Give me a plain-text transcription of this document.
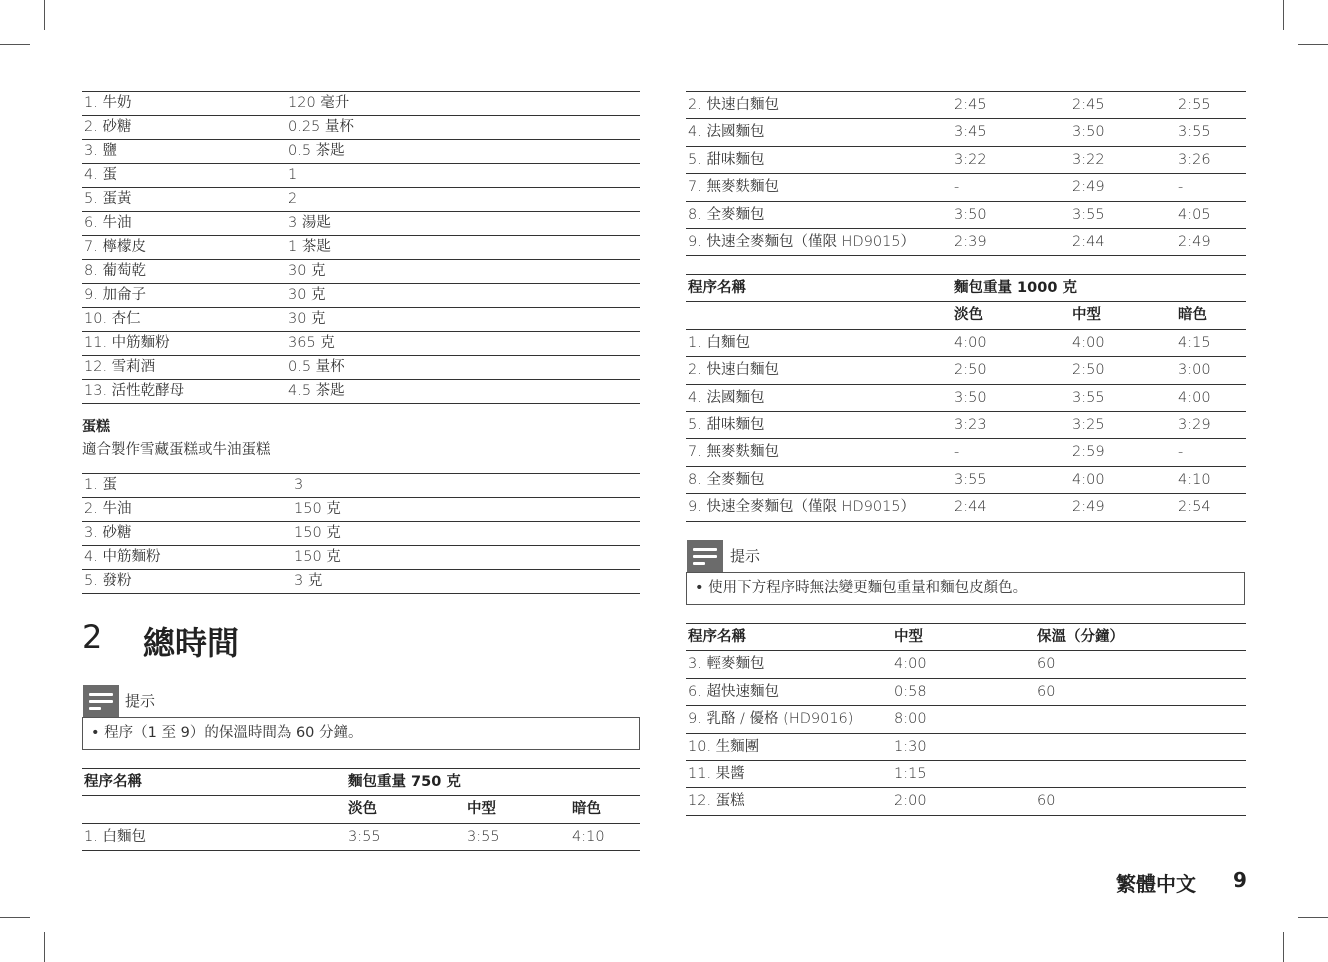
1. 牛奶	120 毫升
2. 砂糖	0.25 量杯
3. 鹽	0.5 茶匙
4. 蛋	1
5. 蛋黃	2
6. 牛油	3 湯匙
7. 檸檬皮	1 茶匙
8. 葡萄乾	30 克
9. 加侖子	30 克
10. 杏仁	30 克
11. 中筋麵粉	365 克
12. 雪莉酒	0.5 量杯
13. 活性乾酵母	4.5 茶匙
蛋糕
適合製作雪藏蛋糕或牛油蛋糕
1. 蛋	3
2. 牛油	150 克
3. 砂糖	150 克
4. 中筋麵粉	150 克
5. 發粉	3 克
2 總時間
提示
• 程序（1 至 9）的保溫時間為 60 分鐘。
程序名稱	麵包重量 750 克		
	淡色	中型	暗色
1. 白麵包	3:55	3:55	4:10
2. 快速白麵包	2:45	2:45	2:55
4. 法國麵包	3:45	3:50	3:55
5. 甜味麵包	3:22	3:22	3:26
7. 無麥麩麵包	-	2:49	-
8. 全麥麵包	3:50	3:55	4:05
9. 快速全麥麵包（僅限 HD9015）	2:39	2:44	2:49
程序名稱	麵包重量 1000 克		
	淡色	中型	暗色
1. 白麵包	4:00	4:00	4:15
2. 快速白麵包	2:50	2:50	3:00
4. 法國麵包	3:50	3:55	4:00
5. 甜味麵包	3:23	3:25	3:29
7. 無麥麩麵包	-	2:59	-
8. 全麥麵包	3:55	4:00	4:10
9. 快速全麥麵包（僅限 HD9015）	2:44	2:49	2:54
提示
• 使用下方程序時無法變更麵包重量和麵包皮顏色。
程序名稱	中型	保溫（分鐘）
3. 輕麥麵包	4:00	60
6. 超快速麵包	0:58	60
9. 乳酪 / 優格 (HD9016)	8:00	
10. 生麵團	1:30	
11. 果醬	1:15	
12. 蛋糕	2:00	60
繁體中文 9
